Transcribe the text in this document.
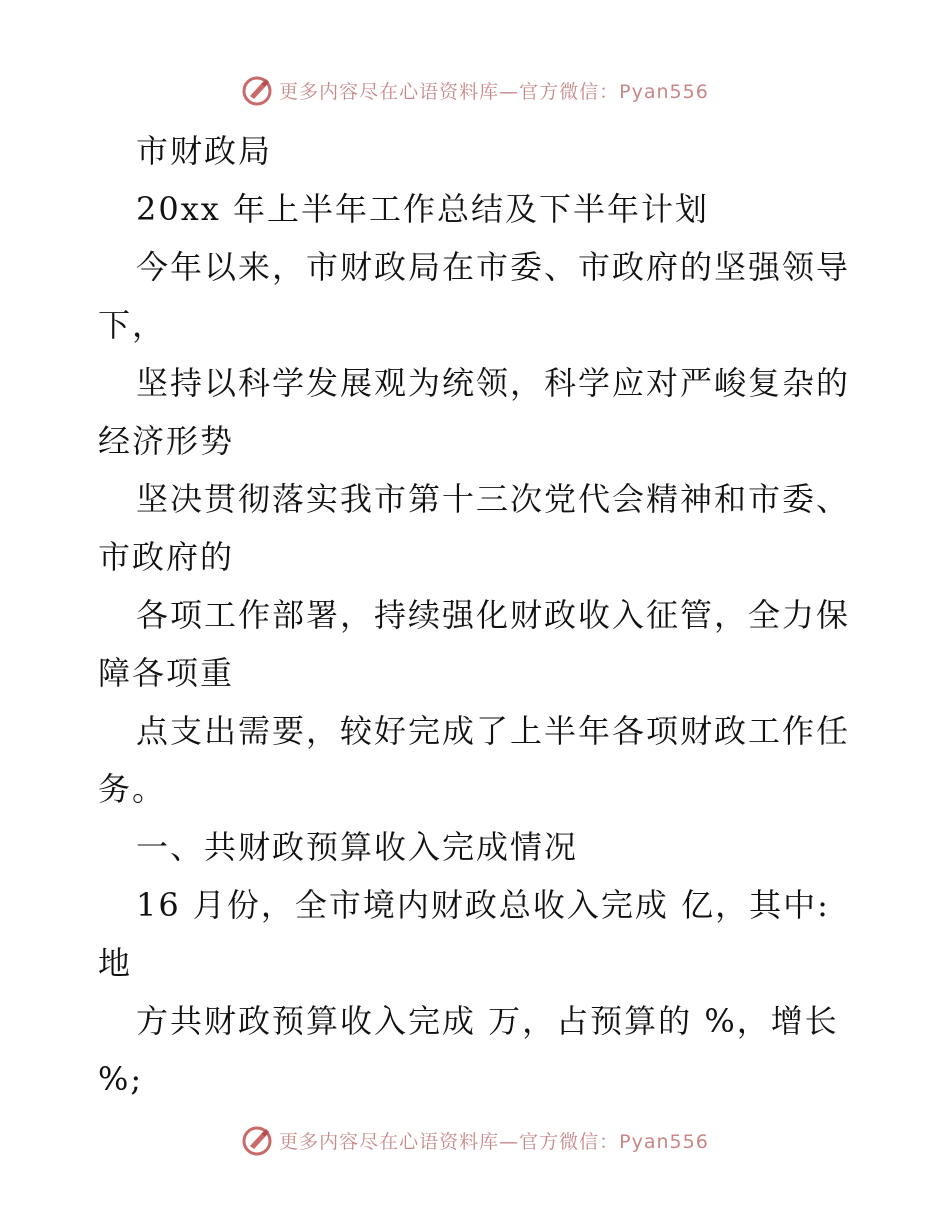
更多内容尽在心语资料库—官方微信：Pyan556
市财政局
20xx 年上半年工作总结及下半年计划
今年以来，市财政局在市委、市政府的坚强领导
下，
坚持以科学发展观为统领，科学应对严峻复杂的
经济形势
坚决贯彻落实我市第十三次党代会精神和市委、
市政府的
各项工作部署，持续强化财政收入征管，全力保
障各项重
点支出需要，较好完成了上半年各项财政工作任
务。
一、共财政预算收入完成情况
16 月份，全市境内财政总收入完成 亿，其中:
地
方共财政预算收入完成 万，占预算的 %，增长
%;
更多内容尽在心语资料库—官方微信：Pyan556
